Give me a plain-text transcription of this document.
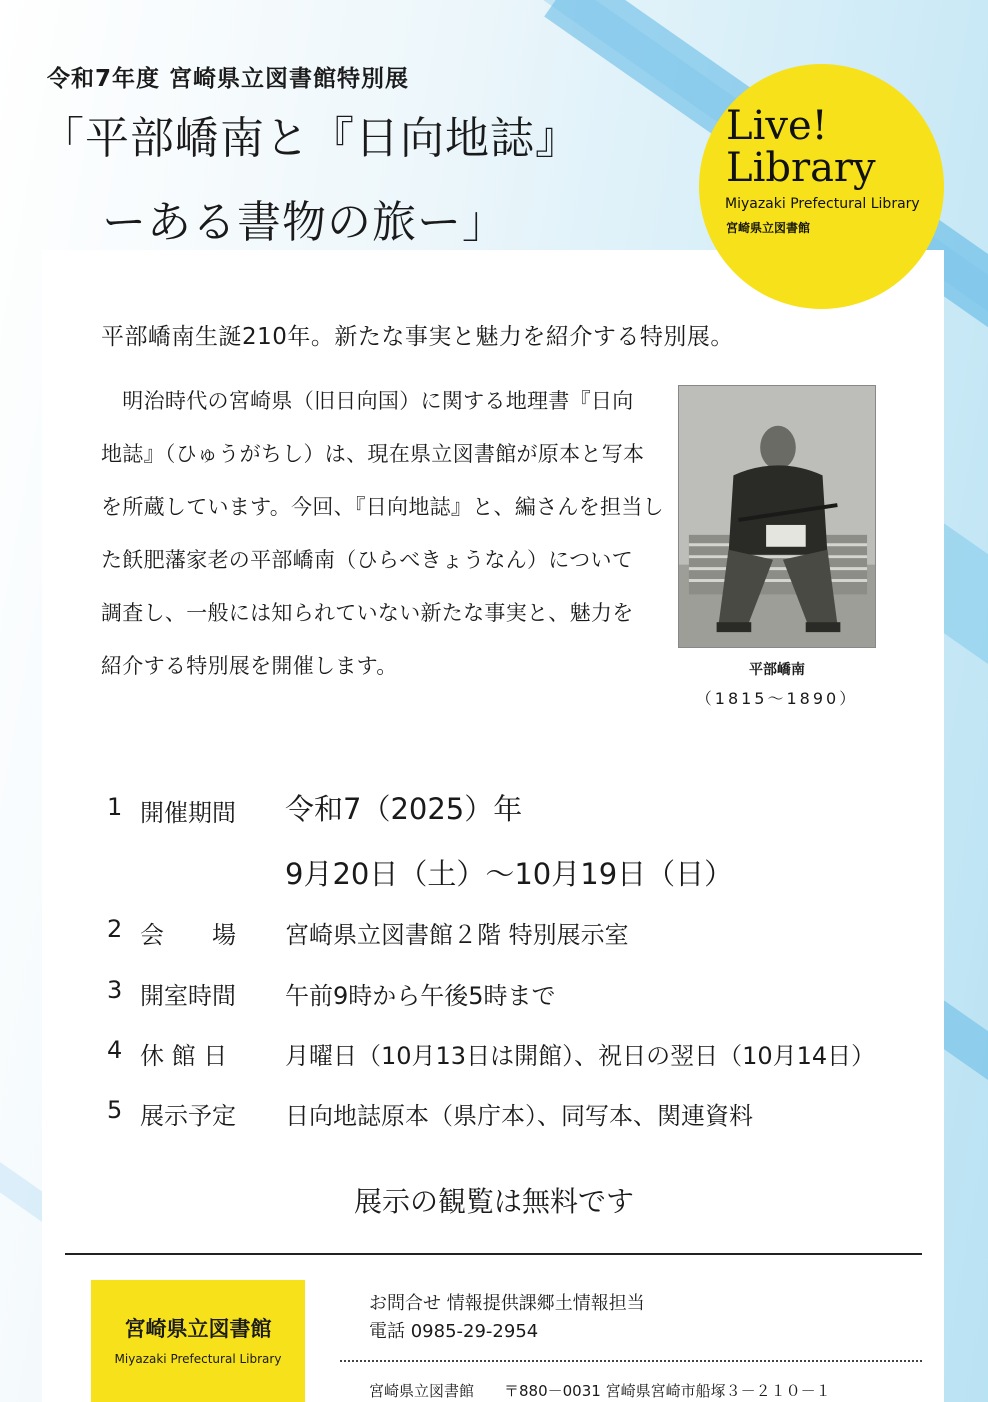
令和7年度 宮崎県立図書館特別展
「平部嶠南と『日向地誌』
ーある書物の旅ー」
Live!
Library
Miyazaki Prefectural Library
宮崎県立図書館
平部嶠南生誕210年。新たな事実と魅力を紹介する特別展。
　明治時代の宮崎県（旧日向国）に関する地理書『日向
地誌』（ひゅうがちし）は、現在県立図書館が原本と写本
を所蔵しています。今回、『日向地誌』と、編さんを担当し
た飫肥藩家老の平部嶠南（ひらべきょうなん）について
調査し、一般には知られていない新たな事実と、魅力を
紹介する特別展を開催します。	平部嶠南
（1815～1890）
1 開催期間 令和7（2025）年
9月20日（土）～10月19日（日）
2 会　　場 宮崎県立図書館２階 特別展示室
3 開室時間 午前9時から午後5時まで
4 休 館 日 月曜日（10月13日は開館）、祝日の翌日（10月14日）
5 展示予定 日向地誌原本（県庁本）、同写本、関連資料
展示の観覧は無料です
宮崎県立図書館
Miyazaki Prefectural Library
お問合せ 情報提供課郷土情報担当
電話 0985-29-2954
宮崎県立図書館　　〒880－0031 宮崎県宮崎市船塚３－２１０－１
